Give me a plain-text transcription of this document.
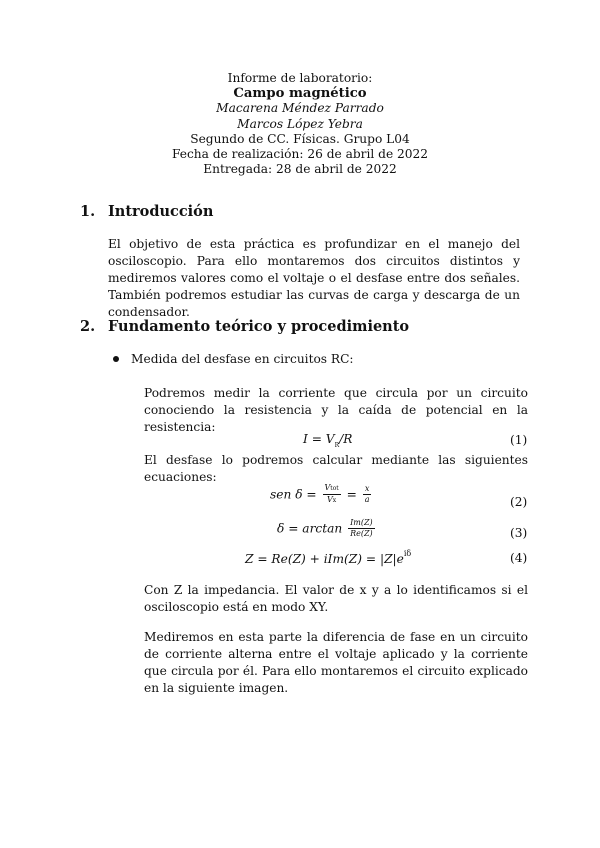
Informe de laboratorio:
Campo magnético
Macarena Méndez Parrado
Marcos López Yebra
Segundo de CC. Físicas. Grupo L04
Fecha de realización: 26 de abril de 2022
Entregada: 28 de abril de 2022
1. Introducción
El objetivo de esta práctica es profundizar en el manejo del osciloscopio. Para ello montaremos dos circuitos distintos y mediremos valores como el voltaje o el desfase entre dos señales. También podremos estudiar las curvas de carga y descarga de un condensador.
2. Fundamento teórico y procedimiento
Medida del desfase en circuitos RC:
Podremos medir la corriente que circula por un circuito conociendo la resistencia y la caída de potencial en la resistencia:
$I = V_R/R$	(1)
El desfase lo podremos calcular mediante las siguientes ecuaciones:
sen $\delta = \frac{\text{Vtot}}{Vx} = \frac{x}{a}$	(2)
$\delta = \arctan \frac{Im(Z)}{Re(Z)}$	(3)
$Z = Re(Z) + iIm(Z) = |Z|e^{i\delta}$	(4)
Con Z la impedancia. El valor de x y a lo identificamos si el osciloscopio está en modo XY.
Mediremos en esta parte la diferencia de fase en un circuito de corriente alterna entre el voltaje aplicado y la corriente que circula por él. Para ello montaremos el circuito explicado en la siguiente imagen.
